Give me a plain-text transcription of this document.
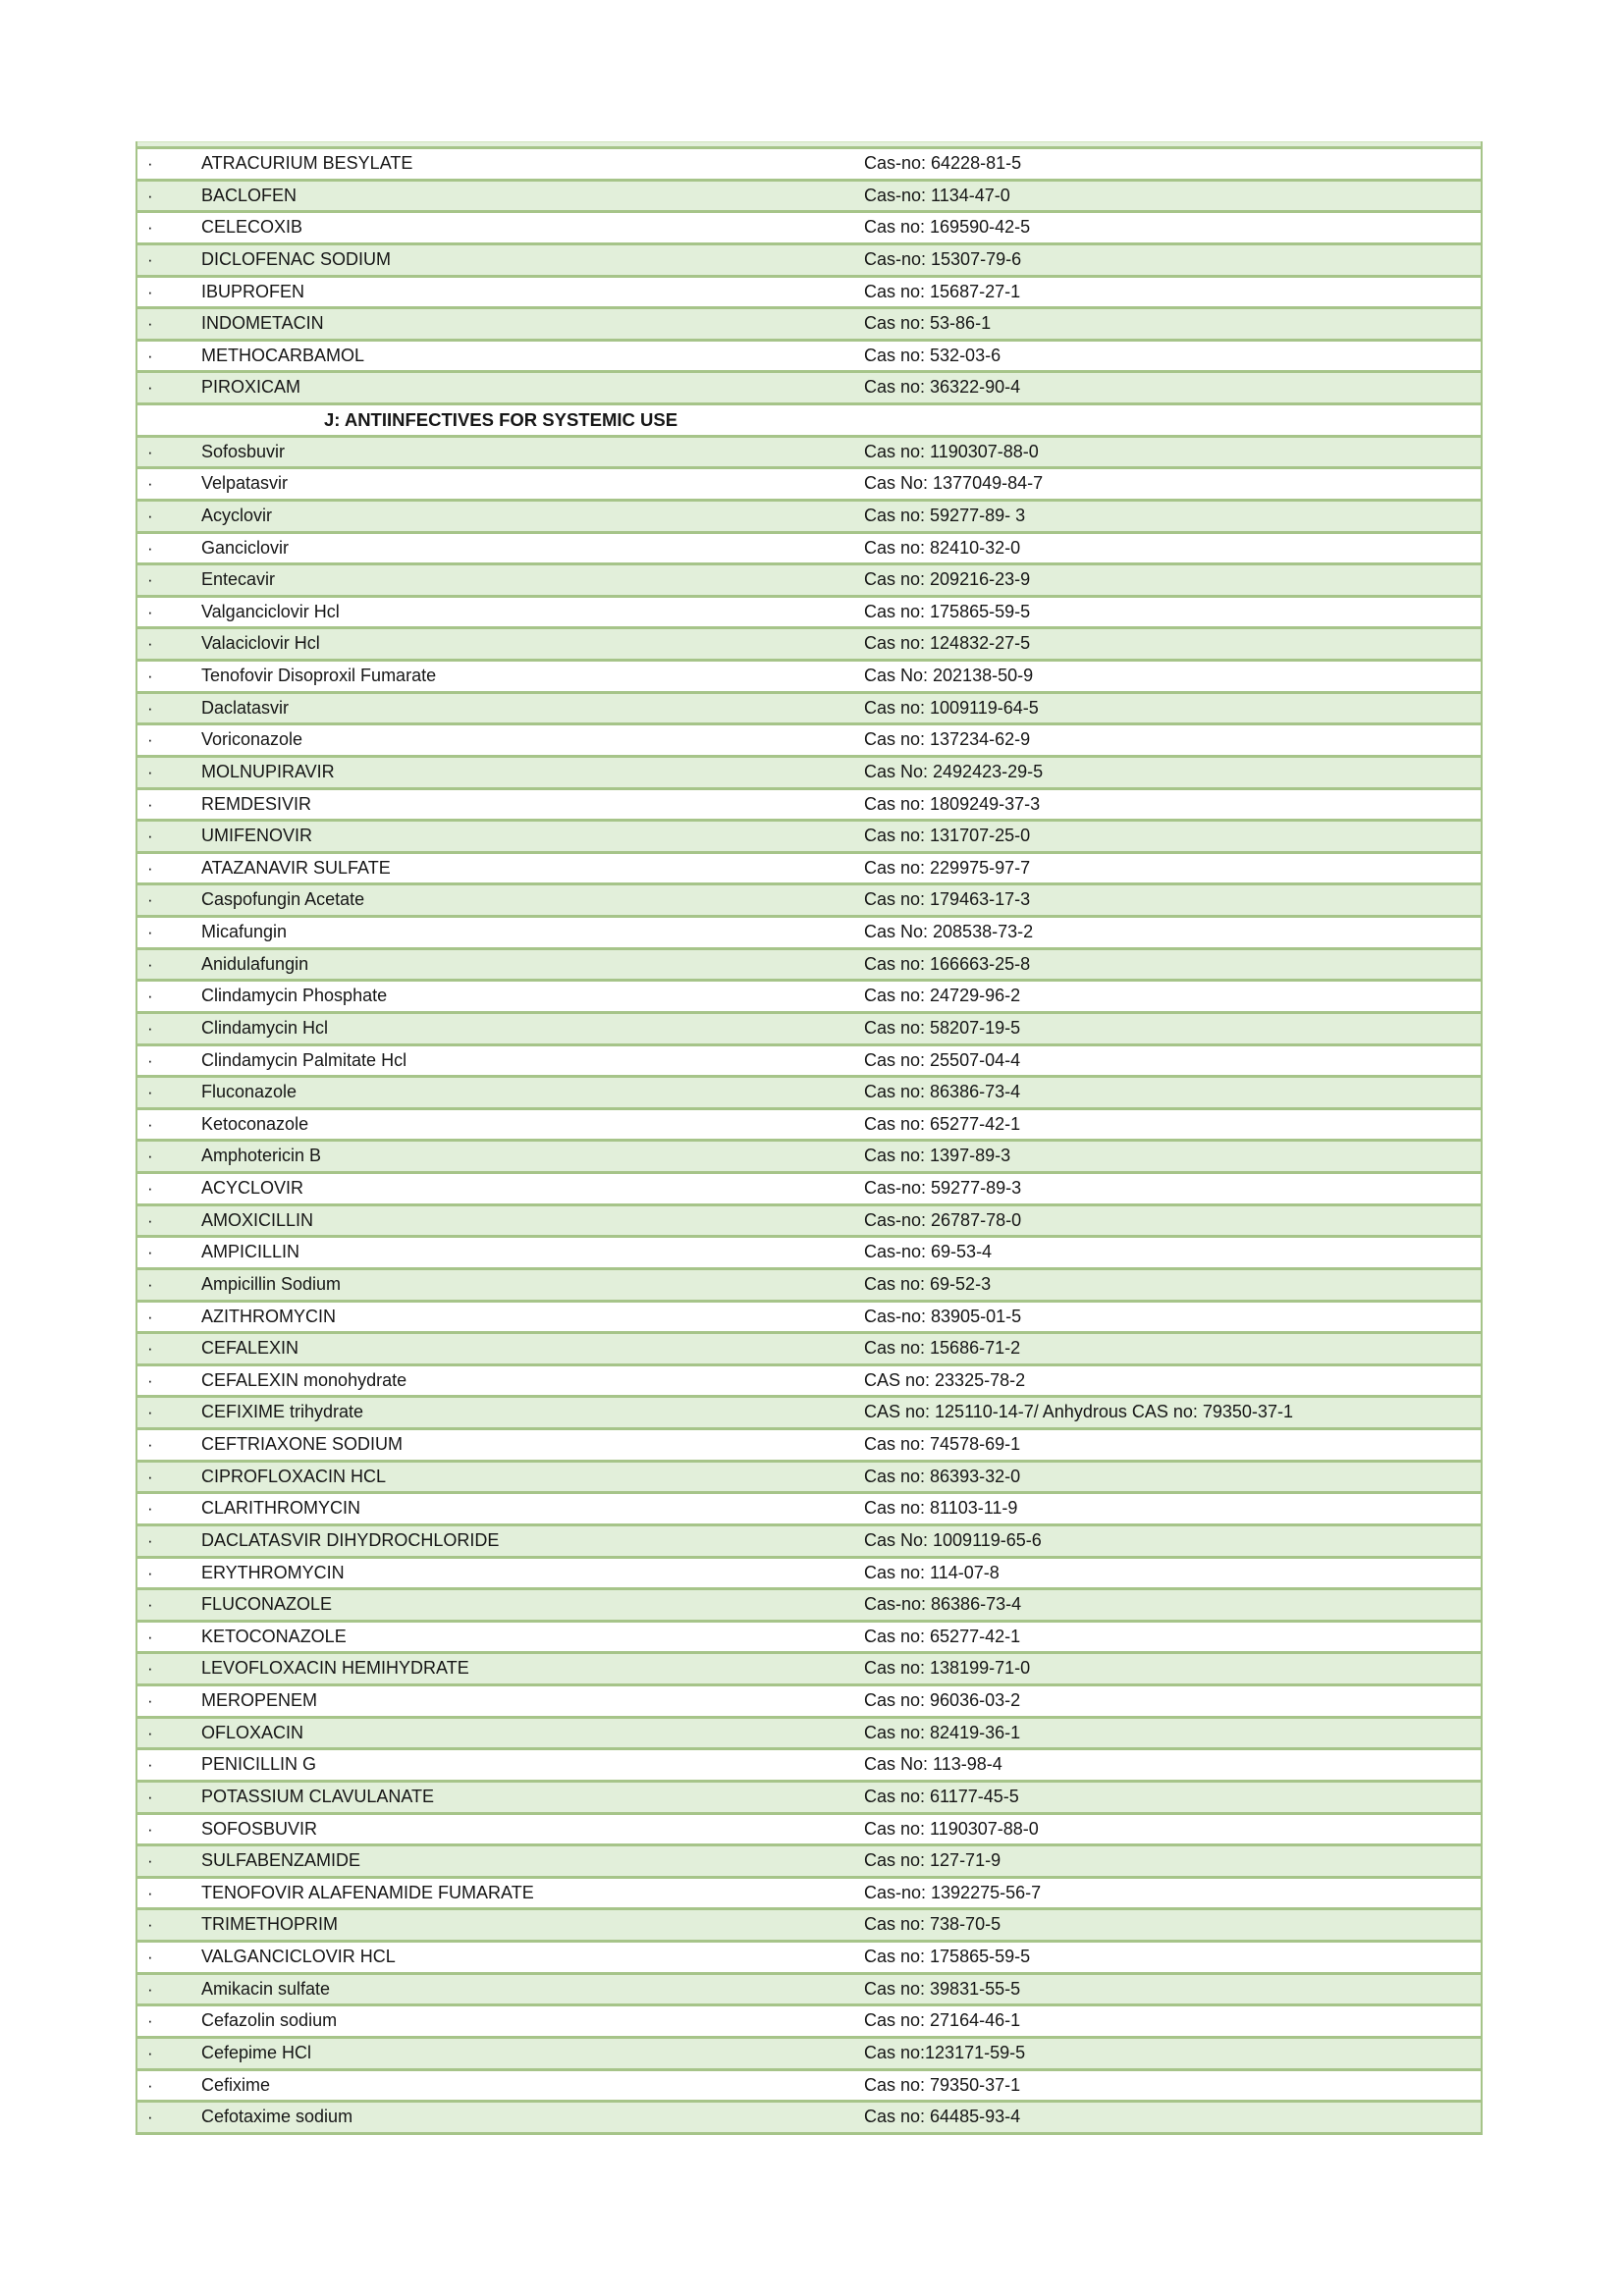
·	ATRACURIUM BESYLATE	Cas-no: 64228-81-5
·	BACLOFEN	Cas-no: 1134-47-0
·	CELECOXIB	Cas no: 169590-42-5
·	DICLOFENAC SODIUM	Cas-no: 15307-79-6
·	IBUPROFEN	Cas no: 15687-27-1
·	INDOMETACIN	Cas no: 53-86-1
·	METHOCARBAMOL	Cas no: 532-03-6
·	PIROXICAM	Cas no: 36322-90-4
J: ANTIINFECTIVES FOR SYSTEMIC USE
·	Sofosbuvir	Cas no: 1190307-88-0
·	Velpatasvir	Cas No: 1377049-84-7
·	Acyclovir	Cas no: 59277-89- 3
·	Ganciclovir	Cas no: 82410-32-0
·	Entecavir	Cas no: 209216-23-9
·	Valganciclovir Hcl	Cas no: 175865-59-5
·	Valaciclovir Hcl	Cas no: 124832-27-5
·	Tenofovir Disoproxil Fumarate	Cas No: 202138-50-9
·	Daclatasvir	Cas no: 1009119-64-5
·	Voriconazole	Cas no: 137234-62-9
·	MOLNUPIRAVIR	Cas No: 2492423-29-5
·	REMDESIVIR	Cas no: 1809249-37-3
·	UMIFENOVIR	Cas no: 131707-25-0
·	ATAZANAVIR SULFATE	Cas no: 229975-97-7
·	Caspofungin Acetate	Cas no: 179463-17-3
·	Micafungin	Cas No: 208538-73-2
·	Anidulafungin	Cas no: 166663-25-8
·	Clindamycin Phosphate	Cas no: 24729-96-2
·	Clindamycin Hcl	Cas no: 58207-19-5
·	Clindamycin Palmitate Hcl	Cas no: 25507-04-4
·	Fluconazole	Cas no: 86386-73-4
·	Ketoconazole	Cas no: 65277-42-1
·	Amphotericin B	Cas no: 1397-89-3
·	ACYCLOVIR	Cas-no: 59277-89-3
·	AMOXICILLIN	Cas-no: 26787-78-0
·	AMPICILLIN	Cas-no: 69-53-4
·	Ampicillin Sodium	Cas no: 69-52-3
·	AZITHROMYCIN	Cas-no: 83905-01-5
·	CEFALEXIN	Cas no: 15686-71-2
·	CEFALEXIN monohydrate	CAS no: 23325-78-2
·	CEFIXIME trihydrate	CAS no: 125110-14-7/ Anhydrous CAS no: 79350-37-1
·	CEFTRIAXONE SODIUM	Cas no: 74578-69-1
·	CIPROFLOXACIN HCL	Cas no: 86393-32-0
·	CLARITHROMYCIN	Cas no: 81103-11-9
·	DACLATASVIR DIHYDROCHLORIDE	Cas No: 1009119-65-6
·	ERYTHROMYCIN	Cas no: 114-07-8
·	FLUCONAZOLE	Cas-no: 86386-73-4
·	KETOCONAZOLE	Cas no: 65277-42-1
·	LEVOFLOXACIN HEMIHYDRATE	Cas no: 138199-71-0
·	MEROPENEM	Cas no: 96036-03-2
·	OFLOXACIN	Cas no: 82419-36-1
·	PENICILLIN G	Cas No: 113-98-4
·	POTASSIUM CLAVULANATE	Cas no: 61177-45-5
·	SOFOSBUVIR	Cas no: 1190307-88-0
·	SULFABENZAMIDE	Cas no: 127-71-9
·	TENOFOVIR ALAFENAMIDE FUMARATE	Cas-no: 1392275-56-7
·	TRIMETHOPRIM	Cas no: 738-70-5
·	VALGANCICLOVIR HCL	Cas no: 175865-59-5
·	Amikacin sulfate	Cas no: 39831-55-5
·	Cefazolin sodium	Cas no: 27164-46-1
·	Cefepime HCl	Cas no:123171-59-5
·	Cefixime	Cas no: 79350-37-1
·	Cefotaxime sodium	Cas no: 64485-93-4
